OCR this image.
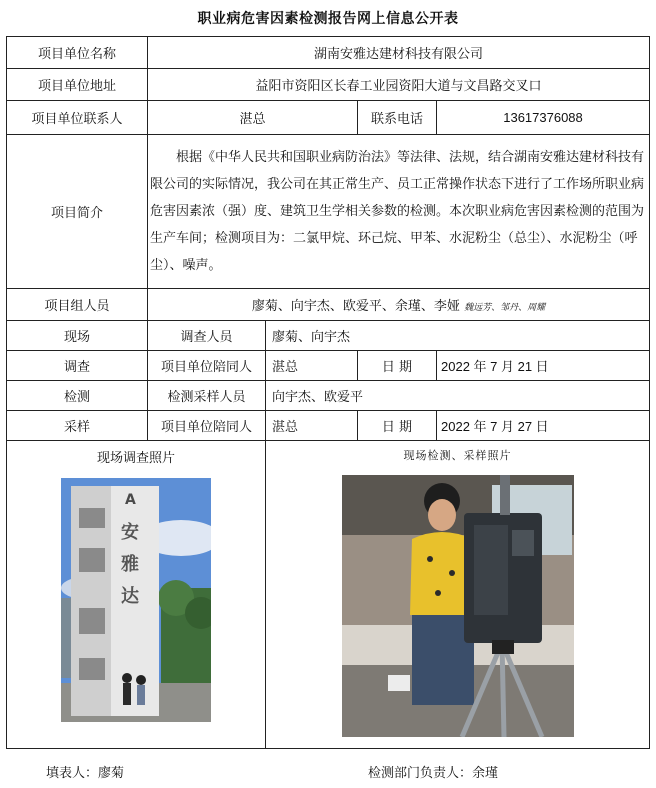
职业病危害因素检测报告网上信息公开表
项目单位名称	湖南安雅达建材科技有限公司			
项目单位地址	益阳市资阳区长春工业园资阳大道与文昌路交叉口			
项目单位联系人	湛总		联系电话	13617376088
项目简介	根据《中华人民共和国职业病防治法》等法律、法规，结合湖南安雅达建材科技有限公司的实际情况，我公司在其正常生产、员工正常操作状态下进行了工作场所职业病危害因素浓（强）度、建筑卫生学相关参数的检测。本次职业病危害因素检测的范围为生产车间；检测项目为：二氯甲烷、环己烷、甲苯、水泥粉尘（总尘）、水泥粉尘（呼尘）、噪声。			
项目组人员	廖菊、向宇杰、欧爱平、余瑾、李娅 魏远芳、邹丹、周耀			
现场	调查人员	廖菊、向宇杰		
调查	项目单位陪同人	湛总	日 期	2022 年 7 月 21 日
检测	检测采样人员	向宇杰、欧爱平		
采样	项目单位陪同人	湛总	日 期	2022 年 7 月 27 日

现场调查照片
A
安
雅
达		现场检测、采样照片		
填表人：廖菊	检测部门负责人：余瑾
